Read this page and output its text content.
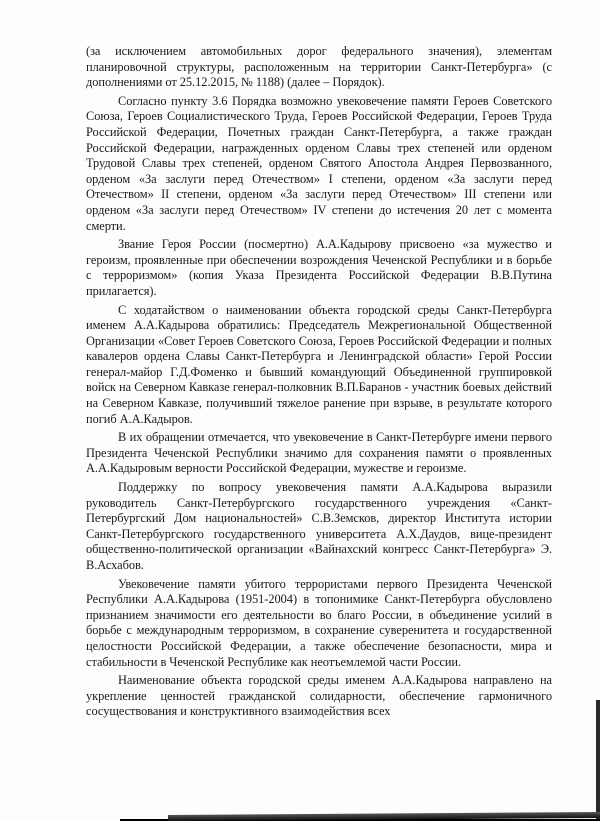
(за исключением автомобильных дорог федерального значения), элементам планировочной структуры, расположенным на территории Санкт-Петербурга» (с дополнениями от 25.12.2015, № 1188) (далее – Порядок).

Согласно пункту 3.6 Порядка возможно увековечение памяти Героев Советского Союза, Героев Социалистического Труда, Героев Российской Федерации, Героев Труда Российской Федерации, Почетных граждан Санкт-Петербурга, а также граждан Российской Федерации, награжденных орденом Славы трех степеней или орденом Трудовой Славы трех степеней, орденом Святого Апостола Андрея Первозванного, орденом «За заслуги перед Отечеством» I степени, орденом «За заслуги перед Отечеством» II степени, орденом «За заслуги перед Отечеством» III степени или орденом «За заслуги перед Отечеством» IV степени до истечения 20 лет с момента смерти.

Звание Героя России (посмертно) А.А.Кадырову присвоено «за мужество и героизм, проявленные при обеспечении возрождения Чеченской Республики и в борьбе с терроризмом» (копия Указа Президента Российской Федерации В.В.Путина прилагается).

С ходатайством о наименовании объекта городской среды Санкт-Петербурга именем А.А.Кадырова обратились: Председатель Межрегиональной Общественной Организации «Совет Героев Советского Союза, Героев Российской Федерации и полных кавалеров ордена Славы Санкт-Петербурга и Ленинградской области» Герой России генерал-майор Г.Д.Фоменко и бывший командующий Объединенной группировкой войск на Северном Кавказе генерал-полковник В.П.Баранов - участник боевых действий на Северном Кавказе, получивший тяжелое ранение при взрыве, в результате которого погиб А.А.Кадыров.

В их обращении отмечается, что увековечение в Санкт-Петербурге имени первого Президента Чеченской Республики значимо для сохранения памяти о проявленных А.А.Кадыровым верности Российской Федерации, мужестве и героизме.

Поддержку по вопросу увековечения памяти А.А.Кадырова выразили руководитель Санкт-Петербургского государственного учреждения «Санкт-Петербургский Дом национальностей» С.В.Земсков, директор Института истории Санкт-Петербургского государственного университета А.Х.Даудов, вице-президент общественно-политической организации «Вайнахский конгресс Санкт-Петербурга» Э. В.Асхабов.

Увековечение памяти убитого террористами первого Президента Чеченской Республики А.А.Кадырова (1951-2004) в топонимике Санкт-Петербурга обусловлено признанием значимости его деятельности во благо России, в объединение усилий в борьбе с международным терроризмом, в сохранение суверенитета и государственной целостности Российской Федерации, а также обеспечение безопасности, мира и стабильности в Чеченской Республике как неотъемлемой части России.

Наименование объекта городской среды именем А.А.Кадырова направлено на укрепление ценностей гражданской солидарности, обеспечение гармоничного сосуществования и конструктивного взаимодействия всех
